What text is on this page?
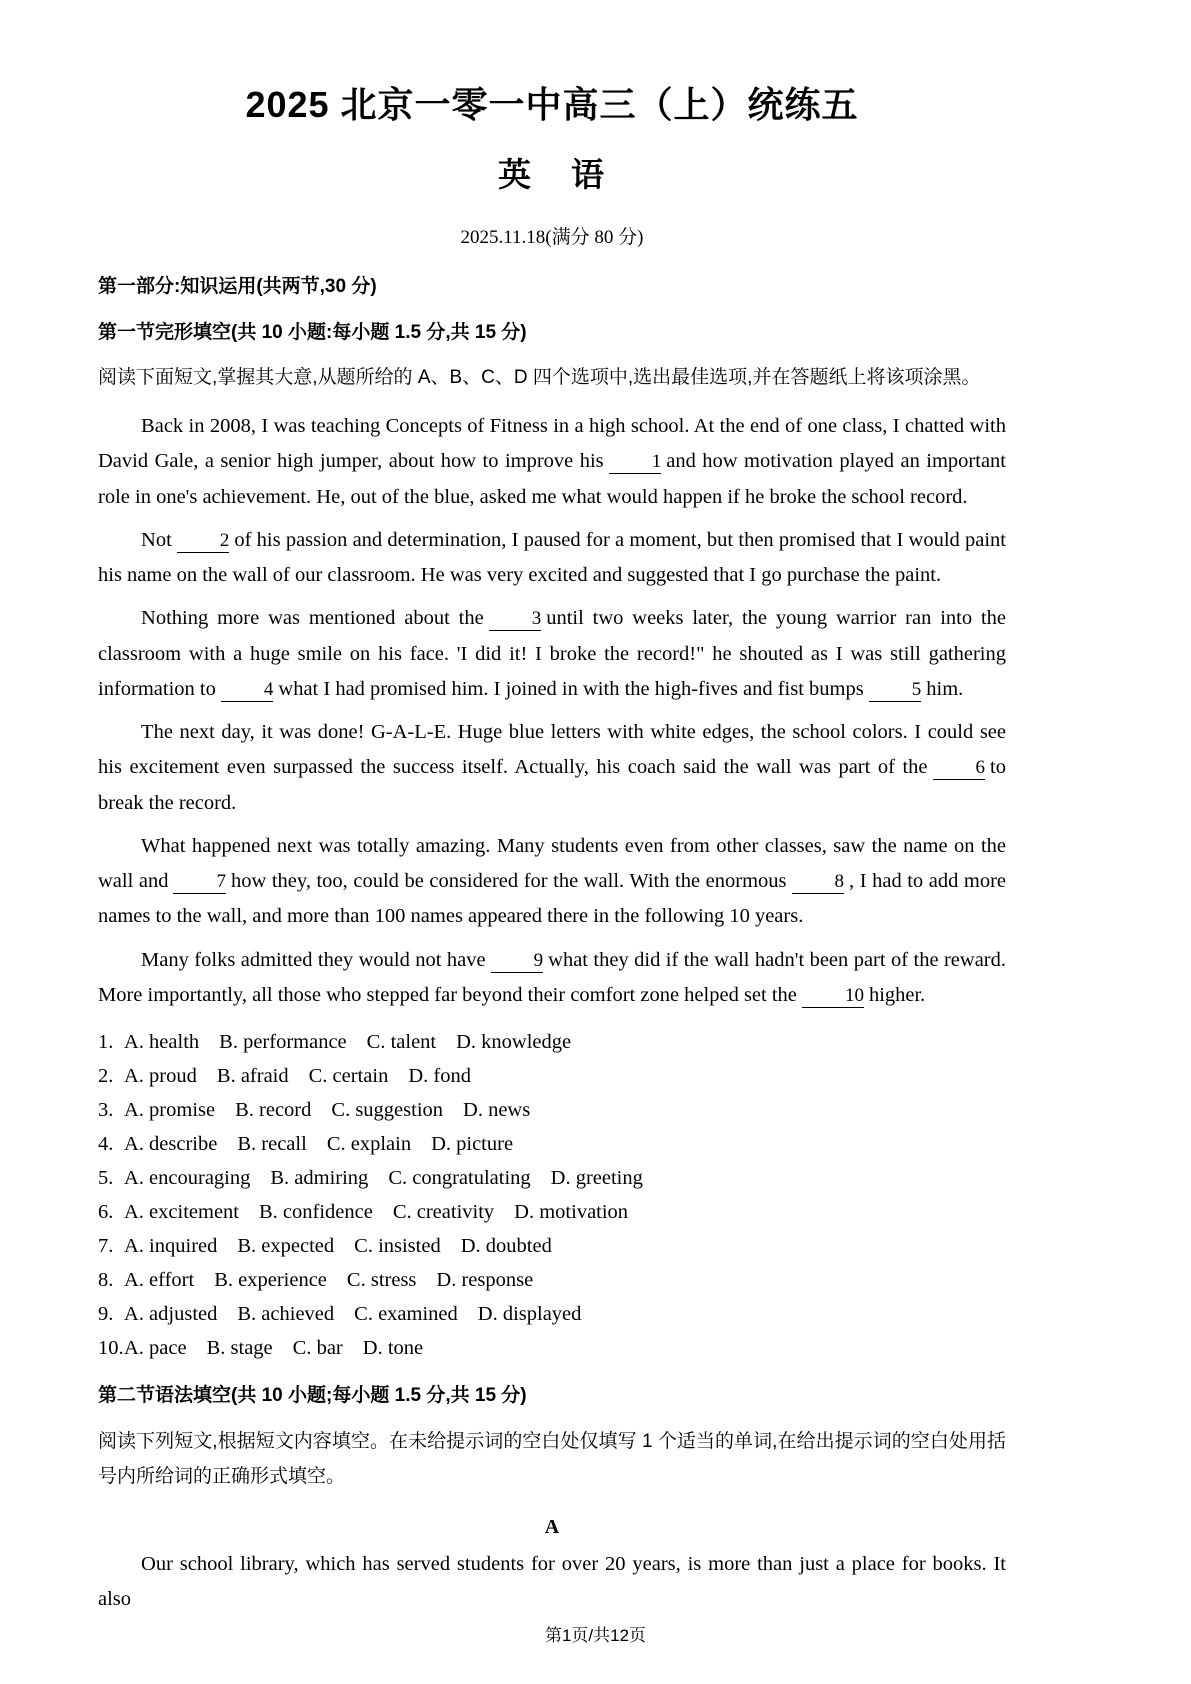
2025 北京一零一中高三（上）统练五
英 语
2025.11.18(满分 80 分)
第一部分:知识运用(共两节,30 分)
第一节完形填空(共 10 小题:每小题 1.5 分,共 15 分)
阅读下面短文,掌握其大意,从题所给的 A、B、C、D 四个选项中,选出最佳选项,并在答题纸上将该项涂黑。
Back in 2008, I was teaching Concepts of Fitness in a high school. At the end of one class, I chatted with David Gale, a senior high jumper, about how to improve his	1 and how motivation played an important role in one's achievement. He, out of the blue, asked me what would happen if he broke the school record.
Not	2 of his passion and determination, I paused for a moment, but then promised that I would paint his name on the wall of our classroom. He was very excited and suggested that I go purchase the paint.
Nothing more was mentioned about the	3 until two weeks later, the young warrior ran into the classroom with a huge smile on his face. 'I did it! I broke the record!" he shouted as I was still gathering information to	4 what I had promised him. I joined in with the high-fives and fist bumps	5 him.
The next day, it was done! G-A-L-E. Huge blue letters with white edges, the school colors. I could see his excitement even surpassed the success itself. Actually, his coach said the wall was part of the	6 to break the record.
What happened next was totally amazing. Many students even from other classes, saw the name on the wall and	7 how they, too, could be considered for the wall. With the enormous	8 , I had to add more names to the wall, and more than 100 names appeared there in the following 10 years.
Many folks admitted they would not have	9 what they did if the wall hadn't been part of the reward. More importantly, all those who stepped far beyond their comfort zone helped set the	10 higher.
1. A. health B. performance C. talent D. knowledge
2. A. proud B. afraid C. certain D. fond
3. A. promise B. record C. suggestion D. news
4. A. describe B. recall C. explain D. picture
5. A. encouraging B. admiring C. congratulating D. greeting
6. A. excitement B. confidence C. creativity D. motivation
7. A. inquired B. expected C. insisted D. doubted
8. A. effort B. experience C. stress D. response
9. A. adjusted B. achieved C. examined D. displayed
10.A. pace B. stage C. bar D. tone
第二节语法填空(共 10 小题;每小题 1.5 分,共 15 分)
阅读下列短文,根据短文内容填空。在未给提示词的空白处仅填写 1 个适当的单词,在给出提示词的空白处用括号内所给词的正确形式填空。
A
Our school library, which has served students for over 20 years, is more than just a place for books. It also
第1页/共12页
